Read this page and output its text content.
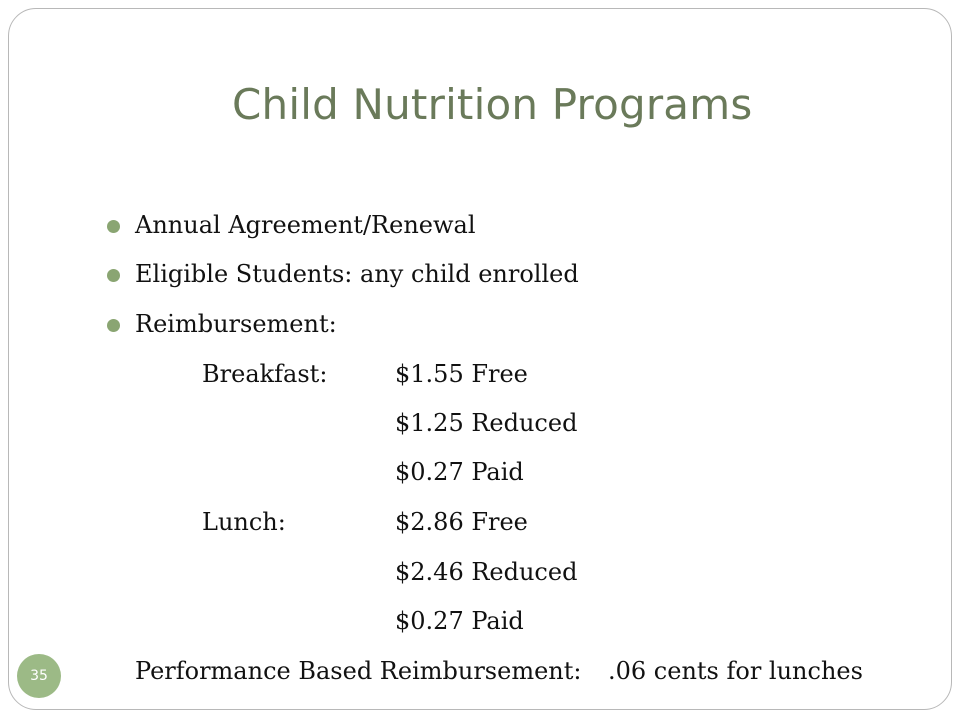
Child Nutrition Programs
Annual Agreement/Renewal
Eligible Students: any child enrolled
Reimbursement:
Breakfast:	$1.55 Free
$1.25 Reduced
$0.27 Paid
Lunch:	$2.86 Free
$2.46 Reduced
$0.27 Paid
Performance Based Reimbursement: .06 cents for lunches
35
